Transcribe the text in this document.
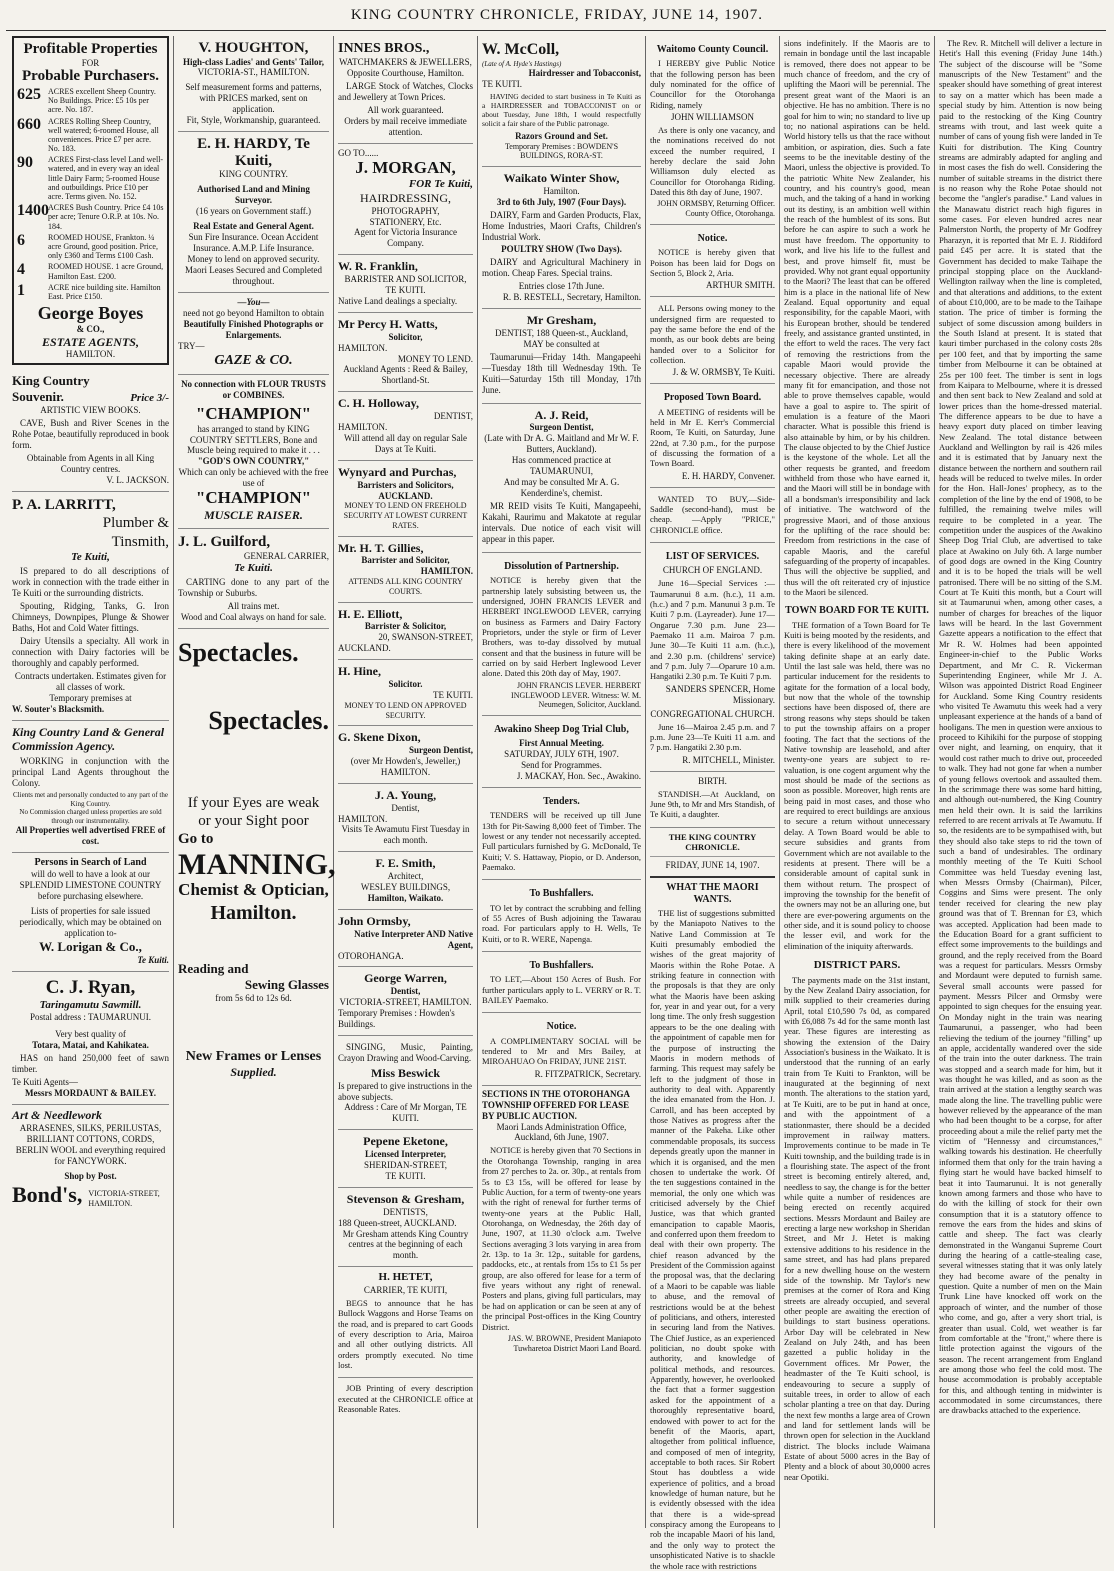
KING COUNTRY CHRONICLE, FRIDAY, JUNE 14, 1907.
Profitable Properties
FOR
Probable Purchasers.
625 ACRES excellent Sheep Country. No Buildings. Price: £5 10s per acre. No. 187.
660 ACRES Rolling Sheep Country, well watered; 6-roomed House, all conveniences. Price £7 per acre. No. 183.
90	ACRES First-class level Land well-watered, and in every way an ideal little Dairy Farm; 5-roomed House and outbuildings. Price £10 per acre. Terms given. No. 152.
1400 ACRES Bush Country. Price £4 10s per acre; Tenure O.R.P. at 10s. No. 184.
6	ROOMED HOUSE, Frankton. ¼ acre Ground, good position. Price, only £360 and Terms £100 Cash.
4	ROOMED HOUSE. 1 acre Ground, Hamilton East. £200.
1	ACRE nice building site. Hamilton East. Price £150.
George Boyes
& CO.,
ESTATE AGENTS,
HAMILTON.
King Country Souvenir.	Price 3/-
ARTISTIC VIEW BOOKS.

CAVE, Bush and River Scenes in the Rohe Potae, beautifully reproduced in book form.

Obtainable from Agents in all King Country centres.
V. L. JACKSON.
P. A. LARRITT,
Plumber &
Tinsmith,
Te Kuiti,

IS prepared to do all descriptions of work in connection with the trade either in Te Kuiti or the surrounding districts.

Spouting, Ridging, Tanks, G. Iron Chimneys, Downpipes, Plunge & Shower Baths, Hot and Cold Water fittings.

Dairy Utensils a specialty. All work in connection with Dairy factories will be thoroughly and capably performed.

Contracts undertaken. Estimates given for all classes of work.
Temporary premises at
W. Souter's Blacksmith.
King Country Land & General Commission Agency.

WORKING in conjunction with the principal Land Agents throughout the Colony.

Clients met and personally conducted to any part of the King Country.
No Commission charged unless properties are sold through our instrumentality.
All Properties well advertised FREE of cost.
Persons in Search of Land
will do well to have a look at our SPLENDID LIMESTONE COUNTRY before purchasing elsewhere.
Lists of properties for sale issued periodically, which may be obtained on application to-
W. Lorigan & Co.,
Te Kuiti.
C. J. Ryan,
Taringamutu Sawmill.
Postal address : TAUMARUNUI.
Very best quality of
Totara, Matai, and Kahikatea.

HAS on hand 250,000 feet of sawn timber.

Te Kuiti Agents—
Messrs MORDAUNT & BAILEY.
Art & Needlework
ARRASENES, SILKS, PERILUSTAS, BRILLIANT COTTONS, CORDS, BERLIN WOOL and everything required for FANCYWORK.
Shop by Post.
Bond's, VICTORIA-STREET, HAMILTON.
V. HOUGHTON,
High-class Ladies' and Gents' Tailor,
VICTORIA-ST., HAMILTON.
Self measurement forms and patterns, with PRICES marked, sent on application.
Fit, Style, Workmanship, guaranteed.
E. H. HARDY, Te Kuiti,
KING COUNTRY.
Authorised Land and Mining Surveyor.
(16 years on Government staff.)
Real Estate and General Agent.
Sun Fire Insurance. Ocean Accident Insurance. A.M.P. Life Insurance.
Money to lend on approved security.
Maori Leases Secured and Completed throughout.
—You—
need not go beyond Hamilton to obtain
Beautifully Finished Photographs or Enlargements.
TRY—
GAZE & CO.
No connection with FLOUR TRUSTS or COMBINES.
"CHAMPION"
has arranged to stand by KING COUNTRY SETTLERS, Bone and Muscle being required to make it . . .
"GOD'S OWN COUNTRY,"
Which can only be achieved with the free use of
"CHAMPION"
MUSCLE RAISER.
J. L. Guilford,
GENERAL CARRIER,
Te Kuiti.

CARTING done to any part of the Township or Suburbs.

All trains met.
Wood and Coal always on hand for sale.
Spectacles.
Spectacles.
If your Eyes are weak
or your Sight poor
Go to
MANNING,
Chemist & Optician,
Hamilton.
Reading and
Sewing Glasses
from 5s 6d to 12s 6d.
New Frames or Lenses
Supplied.
INNES BROS.,
WATCHMAKERS & JEWELLERS,
Opposite Courthouse, Hamilton.

LARGE Stock of Watches, Clocks and Jewellery at Town Prices.

All work guaranteed.
Orders by mail receive immediate attention.
GO TO......
J. MORGAN,
FOR Te Kuiti,
HAIRDRESSING,
PHOTOGRAPHY,
STATIONERY, Etc.
Agent for Victoria Insurance Company.
W. R. Franklin,
BARRISTER AND SOLICITOR,
TE KUITI.
Native Land dealings a specialty.
Mr Percy H. Watts,
Solicitor,
HAMILTON.
MONEY TO LEND.
Auckland Agents : Reed & Bailey, Shortland-St.
C. H. Holloway,
DENTIST,
HAMILTON.
Will attend all day on regular Sale Days at Te Kuiti.
Wynyard and Purchas,
Barristers and Solicitors,
AUCKLAND.
MONEY TO LEND ON FREEHOLD SECURITY AT LOWEST CURRENT RATES.
Mr. H. T. Gillies,
Barrister and Solicitor,
HAMILTON.
ATTENDS ALL KING COUNTRY COURTS.
H. E. Elliott,
Barrister & Solicitor,
20, SWANSON-STREET,
AUCKLAND.
H. Hine,
Solicitor.
TE KUITI.
MONEY TO LEND ON APPROVED SECURITY.
G. Skene Dixon,
Surgeon Dentist,
(over Mr Howden's, Jeweller,)
HAMILTON.
J. A. Young,
Dentist,
HAMILTON.
Visits Te Awamutu First Tuesday in each month.
F. E. Smith,
Architect,
WESLEY BUILDINGS,
Hamilton, Waikato.
John Ormsby,
Native Interpreter AND Native Agent,
OTOROHANGA.
George Warren,
Dentist,
VICTORIA-STREET, HAMILTON.
Temporary Premises : Howden's Buildings.

SINGING, Music, Painting, Crayon Drawing and Wood-Carving.

Miss Beswick
Is prepared to give instructions in the above subjects.
Address : Care of Mr Morgan, TE KUITI.
Pepene Eketone,
Licensed Interpreter,
SHERIDAN-STREET,
TE KUITI.
Stevenson & Gresham,
DENTISTS,
188 Queen-street, AUCKLAND.
Mr Gresham attends King Country centres at the beginning of each month.
H. HETET,
CARRIER, TE KUITI,

BEGS to announce that he has Bullock Waggons and Horse Teams on the road, and is prepared to cart Goods of every description to Aria, Mairoa and all other outlying districts. All orders promptly executed. No time lost.

JOB Printing of every description executed at the CHRONICLE office at Reasonable Rates.

W. McColl,
(Late of A. Hyde's Hastings)
Hairdresser and Tobacconist,
TE KUITI.

HAVING decided to start business in Te Kuiti as a HAIRDRESSER and TOBACCONIST on or about Tuesday, June 18th, I would respectfully solicit a fair share of the Public patronage.

Razors Ground and Set.
Temporary Premises : BOWDEN'S BUILDINGS, RORA-ST.
Waikato Winter Show,
Hamilton.
3rd to 6th July, 1907 (Four Days).

DAIRY, Farm and Garden Products, Flax, Home Industries, Maori Crafts, Children's Industrial Work.

POULTRY SHOW (Two Days).

DAIRY and Agricultural Machinery in motion. Cheap Fares. Special trains.

Entries close 17th June.
R. B. RESTELL, Secretary, Hamilton.
Mr Gresham,
DENTIST, 188 Queen-st., Auckland,
MAY be consulted at

Taumarunui—Friday 14th. Mangapeehi—Tuesday 18th till Wednesday 19th. Te Kuiti—Saturday 15th till Monday, 17th June.

A. J. Reid,
Surgeon Dentist,
(Late with Dr A. G. Maitland and Mr W. F. Butters, Auckland).
Has commenced practice at TAUMARUNUI,
And may be consulted Mr A. G. Kenderdine's, chemist.

MR REID visits Te Kuiti, Mangapeehi, Kakahi, Raurimu and Makatote at regular intervals. Due notice of each visit will appear in this paper.

Dissolution of Partnership.

NOTICE is hereby given that the partnership lately subsisting between us, the undersigned, JOHN FRANCIS LEVER and HERBERT INGLEWOOD LEVER, carrying on business as Farmers and Dairy Factory Proprietors, under the style or firm of Lever Brothers, was to-day dissolved by mutual consent and that the business in future will be carried on by said Herbert Inglewood Lever alone. Dated this 20th day of May, 1907.

JOHN FRANCIS LEVER. HERBERT INGLEWOOD LEVER. Witness: W. M. Neumegen, Solicitor, Auckland.
Awakino Sheep Dog Trial Club,
First Annual Meeting.
SATURDAY, JULY 6TH, 1907.
Send for Programmes.
J. MACKAY, Hon. Sec., Awakino.
Tenders.

TENDERS will be received up till June 13th for Pit-Sawing 8,000 feet of Timber. The lowest or any tender not necessarily accepted. Full particulars furnished by G. McDonald, Te Kuiti; V. S. Hattaway, Piopio, or D. Anderson, Paemako.

To Bushfallers.

TO let by contract the scrubbing and felling of 55 Acres of Bush adjoining the Tawarau road. For particulars apply to H. Wells, Te Kuiti, or to R. WERE, Napenga.

To Bushfallers.

TO LET,—About 150 Acres of Bush. For further particulars apply to L. VERRY or R. T. BAILEY Paemako.

Notice.

A COMPLIMENTARY SOCIAL will be tendered to Mr and Mrs Bailey, at MIROAHUAO On FRIDAY, JUNE 21ST.

R. FITZPATRICK, Secretary.
SECTIONS IN THE OTOROHANGA TOWNSHIP OFFERED FOR LEASE BY PUBLIC AUCTION.
Maori Lands Administration Office, Auckland, 6th June, 1907.

NOTICE is hereby given that 70 Sections in the Otorohanga Township, ranging in area from 27 perches to 2a. or. 30p., at rentals from 5s to £3 15s, will be offered for lease by Public Auction, for a term of twenty-one years with the right of renewal for further terms of twenty-one years at the Public Hall, Otorohanga, on Wednesday, the 26th day of June, 1907, at 11.30 o'clock a.m. Twelve Sections averaging 3 lots varying in area from 2r. 13p. to 1a 3r. 12p., suitable for gardens, paddocks, etc., at rentals from 15s to £1 5s per group, are also offered for lease for a term of five years without any right of renewal. Posters and plans, giving full particulars, may be had on application or can be seen at any of the principal Post-offices in the King Country District.

JAS. W. BROWNE, President Maniapoto Tuwharetoa District Maori Land Board.
Waitomo County Council.

I HEREBY give Public Notice that the following person has been duly nominated for the office of Councillor for the Otorohanga Riding, namely

JOHN WILLIAMSON

As there is only one vacancy, and the nominations received do not exceed the number required, I hereby declare the said John Williamson duly elected as Councillor for Otorohanga Riding. Dated this 8th day of June, 1907.

JOHN ORMSBY, Returning Officer. County Office, Otorohanga.
Notice.

NOTICE is hereby given that Poison has been laid for Dogs on Section 5, Block 2, Aria.

ARTHUR SMITH.

ALL Persons owing money to the undersigned firm are requested to pay the same before the end of the month, as our book debts are being handed over to a Solicitor for collection.

J. & W. ORMSBY, Te Kuiti.
Proposed Town Board.

A MEETING of residents will be held in Mr E. Kerr's Commercial Room, Te Kuiti, on Saturday, June 22nd, at 7.30 p.m., for the purpose of discussing the formation of a Town Board.

E. H. HARDY, Convener.

WANTED TO BUY,—Side-Saddle (second-hand), must be cheap. —Apply "PRICE," CHRONICLE office.

LIST OF SERVICES.
CHURCH OF ENGLAND.

June 16—Special Services :—Taumarunui 8 a.m. (h.c.), 11 a.m. (h.c.) and 7 p.m. Manunui 3 p.m. Te Kuiti 7 p.m. (Layreader). June 17—Ongarue 7.30 p.m. June 23—Paemako 11 a.m. Mairoa 7 p.m. June 30—Te Kuiti 11 a.m. (h.c.), and 2.30 p.m. (childrens' service) and 7 p.m. July 7—Oparure 10 a.m. Hangatiki 2.30 p.m. Te Kuiti 7 p.m.

SANDERS SPENCER, Home Missionary.
CONGREGATIONAL CHURCH.

June 16—Mairoa 2.45 p.m. and 7 p.m. June 23—Te Kuiti 11 a.m. and 7 p.m. Hangatiki 2.30 p.m.

R. MITCHELL, Minister.
BIRTH.

STANDISH.—At Auckland, on June 9th, to Mr and Mrs Standish, of Te Kuiti, a daughter.

THE KING COUNTRY CHRONICLE.
FRIDAY, JUNE 14, 1907.
WHAT THE MAORI WANTS.

THE list of suggestions submitted by the Maniapoto Natives to the Native Land Commission at Te Kuiti presumably embodied the wishes of the great majority of Maoris within the Rohe Potae. A striking feature in connection with the proposals is that they are only what the Maoris have been asking for, year in and year out, for a very long time. The only fresh suggestion appears to be the one dealing with the appointment of capable men for the purpose of instructing the Maoris in modern methods of farming. This request may safely be left to the judgment of those in authority to deal with. Apparently the idea emanated from the Hon. J. Carroll, and has been accepted by those Natives as progress after the manner of the Pakeha. Like other commendable proposals, its success depends greatly upon the manner in which it is organised, and the men chosen to undertake the work. Of the ten suggestions contained in the memorial, the only one which was criticised adversely by the Chief Justice, was that which granted emancipation to capable Maoris, and conferred upon them freedom to deal with their own property. The chief reason advanced by the President of the Commission against the proposal was, that the declaring of a Maori to be capable was liable to abuse, and the removal of restrictions would be at the behest of politicians, and others, interested in securing land from the Natives. The Chief Justice, as an experienced politician, no doubt spoke with authority, and knowledge of political methods, and resources. Apparently, however, he overlooked the fact that a former suggestion asked for the appointment of a thoroughly representative board, endowed with power to act for the benefit of the Maoris, apart, altogether from political influence, and composed of men of integrity, acceptable to both races. Sir Robert Stout has doubtless a wide experience of politics, and a broad knowledge of human nature, but he is evidently obsessed with the idea that there is a wide-spread conspiracy among the Europeans to rob the incapable Maori of his land, and the only way to protect the unsophisticated Native is to shackle the whole race with restrictions

sions indefinitely. If the Maoris are to remain in bondage until the last incapable is removed, there does not appear to be much chance of freedom, and the cry of uplifting the Maori will be perennial. The present great want of the Maori is an objective. He has no ambition. There is no goal for him to win; no standard to live up to; no national aspirations can be held. World history tells us that the race without ambition, or aspiration, dies. Such a fate seems to be the inevitable destiny of the Maori, unless the objective is provided. To the patriotic White New Zealander, his country, and his country's good, mean much, and the taking of a hand in working out its destiny, is an ambition well within the reach of the humblest of its sons. But before he can aspire to such a work he must have freedom. The opportunity to work, and live his life to the fullest and best, and prove himself fit, must be provided. Why not grant equal opportunity to the Maori? The least that can be offered him is a place in the national life of New Zealand. Equal opportunity and equal responsibility, for the capable Maori, with his European brother, should be tendered freely, and assistance granted unstinted, in the effort to weld the races. The very fact of removing the restrictions from the capable Maori would provide the necessary objective. There are already many fit for emancipation, and those not able to prove themselves capable, would have a goal to aspire to. The spirit of emulation is a feature of the Maori character. What is possible this friend is also attainable by him, or by his children. The clause objected to by the Chief Justice is the keystone of the whole. Let all the other requests be granted, and freedom withheld from those who have earned it, and the Maori will still be in bondage with all a bondsman's irresponsibility and lack of initiative. The watchword of the progressive Maori, and of those anxious for the uplifting of the race should be: Freedom from restrictions in the case of capable Maoris, and the careful safeguarding of the property of incapables. Thus will the objective be supplied, and thus will the oft reiterated cry of injustice to the Maori be silenced.

TOWN BOARD FOR TE KUITI.

THE formation of a Town Board for Te Kuiti is being mooted by the residents, and there is every likelihood of the movement taking definite shape at an early date. Until the last sale was held, there was no particular inducement for the residents to agitate for the formation of a local body, but now that the whole of the township sections have been disposed of, there are strong reasons why steps should be taken to put the township affairs on a proper footing. The fact that the sections of the Native township are leasehold, and after twenty-one years are subject to re-valuation, is one cogent argument why the most should be made of the sections as soon as possible. Moreover, high rents are being paid in most cases, and those who are required to erect buildings are anxious to secure a return without unnecessary delay. A Town Board would be able to secure subsidies and grants from Government which are not available to the residents at present. There will be a considerable amount of capital sunk in them without return. The prospect of improving the township for the benefit of the owners may not be an alluring one, but there are ever-powering arguments on the other side, and it is sound policy to choose the lesser evil, and work for the elimination of the iniquity afterwards.

DISTRICT PARS.

The payments made on the 31st instant, by the New Zealand Dairy association, for milk supplied to their creameries during April, total £10,590 7s 0d, as compared with £6,088 7s 4d for the same month last year. These figures are interesting as showing the extension of the Dairy Association's business in the Waikato. It is understood that the running of an early train from Te Kuiti to Frankton, will be inaugurated at the beginning of next month. The alterations to the station yard, at Te Kuiti, are to be put in hand at once, and with the appointment of a stationmaster, there should be a decided improvement in railway matters. Improvements continue to be made in Te Kuiti township, and the building trade is in a flourishing state. The aspect of the front street is becoming entirely altered, and, needless to say, the change is for the better while quite a number of residences are being erected on recently acquired sections. Messrs Mordaunt and Bailey are erecting a large new workshop in Sheridan Street, and Mr J. Hetet is making extensive additions to his residence in the same street, and has had plans prepared for a new dwelling house on the western side of the township. Mr Taylor's new premises at the corner of Rora and King streets are already occupied, and several other people are awaiting the erection of buildings to start business operations. Arbor Day will be celebrated in New Zealand on July 24th, and has been gazetted a public holiday in the Government offices. Mr Power, the headmaster of the Te Kuiti school, is endeavouring to secure a supply of suitable trees, in order to allow of each scholar planting a tree on that day. During the next few months a large area of Crown and land for settlement lands will be thrown open for selection in the Auckland district. The blocks include Waimana Estate of about 5000 acres in the Bay of Plenty and a block of about 30,0000 acres near Opotiki.

The Rev. R. Mitchell will deliver a lecture in Hetit's Hall this evening (Friday June 14th.) The subject of the discourse will be "Some manuscripts of the New Testament" and the speaker should have something of great interest to say on a matter which has been made a special study by him. Attention is now being paid to the restocking of the King Country streams with trout, and last week quite a number of cans of young fish were landed in Te Kuiti for distribution. The King Country streams are admirably adapted for angling and in most cases the fish do well. Considering the number of suitable streams in the district there is no reason why the Rohe Potae should not become the "angler's paradise." Land values in the Manawatu district reach high figures in some cases. For eleven hundred acres near Palmerston North, the property of Mr Godfrey Pharazyn, it is reported that Mr E. J. Riddiford paid £45 per acre. It is stated that the Government has decided to make Taihape the principal stopping place on the Auckland-Wellington railway when the line is completed, and that alterations and additions, to the extent of about £10,000, are to be made to the Taihape station. The price of timber is forming the subject of some discussion among builders in the South Island at present. It is stated that kauri timber purchased in the colony costs 28s per 100 feet, and that by importing the same timber from Melbourne it can be obtained at 25s per 100 feet. The timber is sent in logs from Kaipara to Melbourne, where it is dressed and then sent back to New Zealand and sold at lower prices than the home-dressed material. The difference appears to be due to have a heavy export duty placed on timber leaving New Zealand. The total distance between Auckland and Wellington by rail is 426 miles and it is estimated that by January next the distance between the northern and southern rail heads will be reduced to twelve miles. In order for the Hon. Hall-Jones' prophecy, as to the completion of the line by the end of 1908, to be fulfilled, the remaining twelve miles will require to be completed in a year. The competition under the auspices of the Awakino Sheep Dog Trial Club, are advertised to take place at Awakino on July 6th. A large number of good dogs are owned in the King Country and it is to be hoped the trials will be well patronised. There will be no sitting of the S.M. Court at Te Kuiti this month, but a Court will sit at Taumarunui when, among other cases, a number of charges for breaches of the liquor laws will be heard. In the last Government Gazette appears a notification to the effect that Mr R. W. Holmes had been appointed Engineer-in-chief to the Public Works Department, and Mr C. R. Vickerman Superintending Engineer, while Mr J. A. Wilson was appointed District Road Engineer for Auckland. Some King Country residents who visited Te Awamutu this week had a very unpleasant experience at the hands of a band of hooligans. The men in question were anxious to proceed to Kihikihi for the purpose of stopping over night, and learning, on enquiry, that it would cost rather much to drive out, proceeded to walk. They had not gone far when a number of young fellows overtook and assaulted them. In the scrimmage there was some hard hitting, and although out-numbered, the King Country men held their own. It is said the larrikins referred to are recent arrivals at Te Awamutu. If so, the residents are to be sympathised with, but they should also take steps to rid the town of such a band of undesirables. The ordinary monthly meeting of the Te Kuiti School Committee was held Tuesday evening last, when Messrs Ormsby (Chairman), Pilcer, Coggins and Sims were present. The only tender received for clearing the new play ground was that of T. Brennan for £3, which was accepted. Application had been made to the Education Board for a grant sufficient to effect some improvements to the buildings and ground, and the reply received from the Board was a request for particulars. Messrs Ormsby and Mordaunt were deputed to furnish same. Several small accounts were passed for payment. Messrs Pilcer and Ormsby were appointed to sign cheques for the ensuing year. On Monday night in the train was nearing Taumarunui, a passenger, who had been relieving the tedium of the journey "filling" up an apple, accidentally wandered over the side of the train into the outer darkness. The train was stopped and a search made for him, but it was thought he was killed, and as soon as the train arrived at the station a lengthy search was made along the line. The travelling public were however relieved by the appearance of the man who had been thought to be a corpse, for after proceeding about a mile the relief party met the victim of "Hennessy and circumstances," walking towards his destination. He cheerfully informed them that only for the train having a flying start he would have backed himself to beat it into Taumarunui. It is not generally known among farmers and those who have to do with the killing of stock for their own consumption that it is a statutory offence to remove the ears from the hides and skins of cattle and sheep. The fact was clearly demonstrated in the Wanganui Supreme Court during the hearing of a cattle-stealing case, several witnesses stating that it was only lately they had become aware of the penalty in question. Quite a number of men on the Main Trunk Line have knocked off work on the approach of winter, and the number of those who come, and go, after a very short trial, is greater than usual. Cold, wet weather is far from comfortable at the "front," where there is little protection against the vigours of the season. The recent arrangement from England are among those who feel the cold most. The house accommodation is probably acceptable for this, and although tenting in midwinter is accommodated in some circumstances, there are drawbacks attached to the experience.
